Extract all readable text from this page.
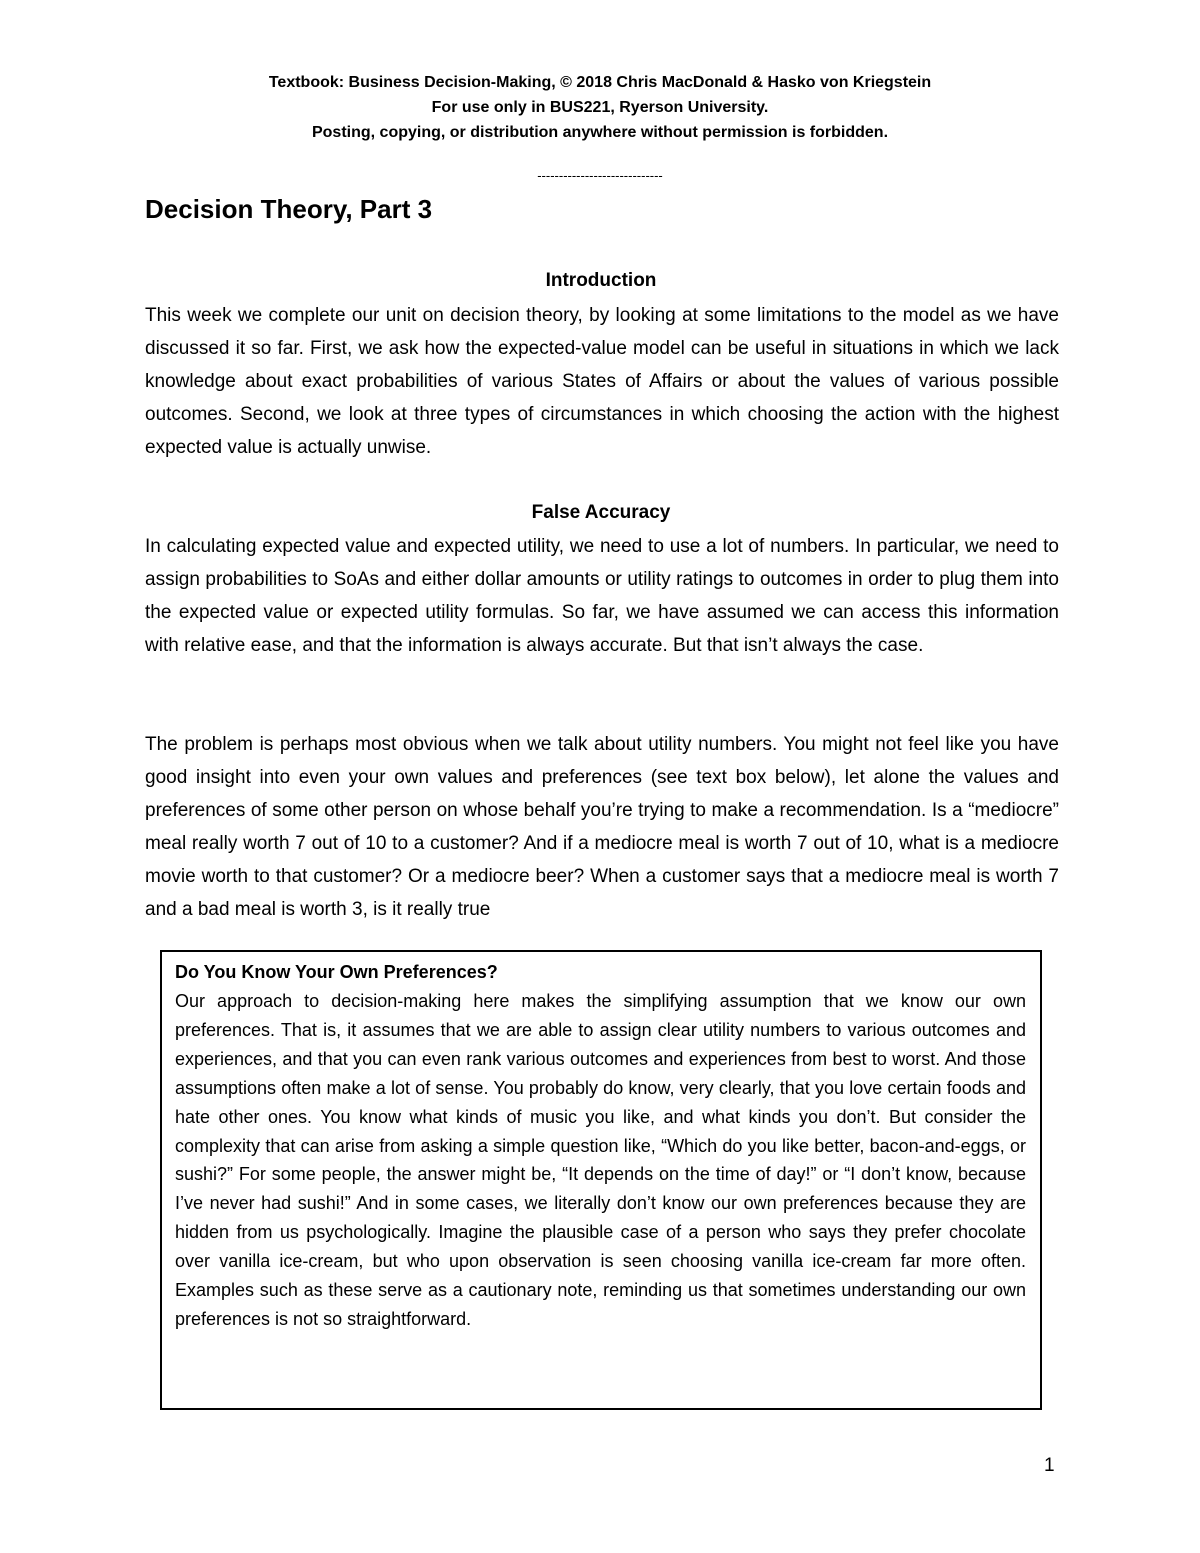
Textbook: Business Decision-Making, © 2018 Chris MacDonald & Hasko von Kriegstein
For use only in BUS221, Ryerson University.
Posting, copying, or distribution anywhere without permission is forbidden.
-----------------------------
Decision Theory, Part 3
Introduction

This week we complete our unit on decision theory, by looking at some limitations to the model as we have discussed it so far. First, we ask how the expected-value model can be useful in situations in which we lack knowledge about exact probabilities of various States of Affairs or about the values of various possible outcomes. Second, we look at three types of circumstances in which choosing the action with the highest expected value is actually unwise.

False Accuracy

In calculating expected value and expected utility, we need to use a lot of numbers. In particular, we need to assign probabilities to SoAs and either dollar amounts or utility ratings to outcomes in order to plug them into the expected value or expected utility formulas. So far, we have assumed we can access this information with relative ease, and that the information is always accurate. But that isn’t always the case.

The problem is perhaps most obvious when we talk about utility numbers. You might not feel like you have good insight into even your own values and preferences (see text box below), let alone the values and preferences of some other person on whose behalf you’re trying to make a recommendation. Is a “mediocre” meal really worth 7 out of 10 to a customer? And if a mediocre meal is worth 7 out of 10, what is a mediocre movie worth to that customer? Or a mediocre beer? When a customer says that a mediocre meal is worth 7 and a bad meal is worth 3, is it really true

Do You Know Your Own Preferences?

Our approach to decision-making here makes the simplifying assumption that we know our own preferences. That is, it assumes that we are able to assign clear utility numbers to various outcomes and experiences, and that you can even rank various outcomes and experiences from best to worst. And those assumptions often make a lot of sense. You probably do know, very clearly, that you love certain foods and hate other ones. You know what kinds of music you like, and what kinds you don’t. But consider the complexity that can arise from asking a simple question like, “Which do you like better, bacon-and-eggs, or sushi?” For some people, the answer might be, “It depends on the time of day!” or “I don’t know, because I’ve never had sushi!” And in some cases, we literally don’t know our own preferences because they are hidden from us psychologically. Imagine the plausible case of a person who says they prefer chocolate over vanilla ice-cream, but who upon observation is seen choosing vanilla ice-cream far more often. Examples such as these serve as a cautionary note, reminding us that sometimes understanding our own preferences is not so straightforward.

1
